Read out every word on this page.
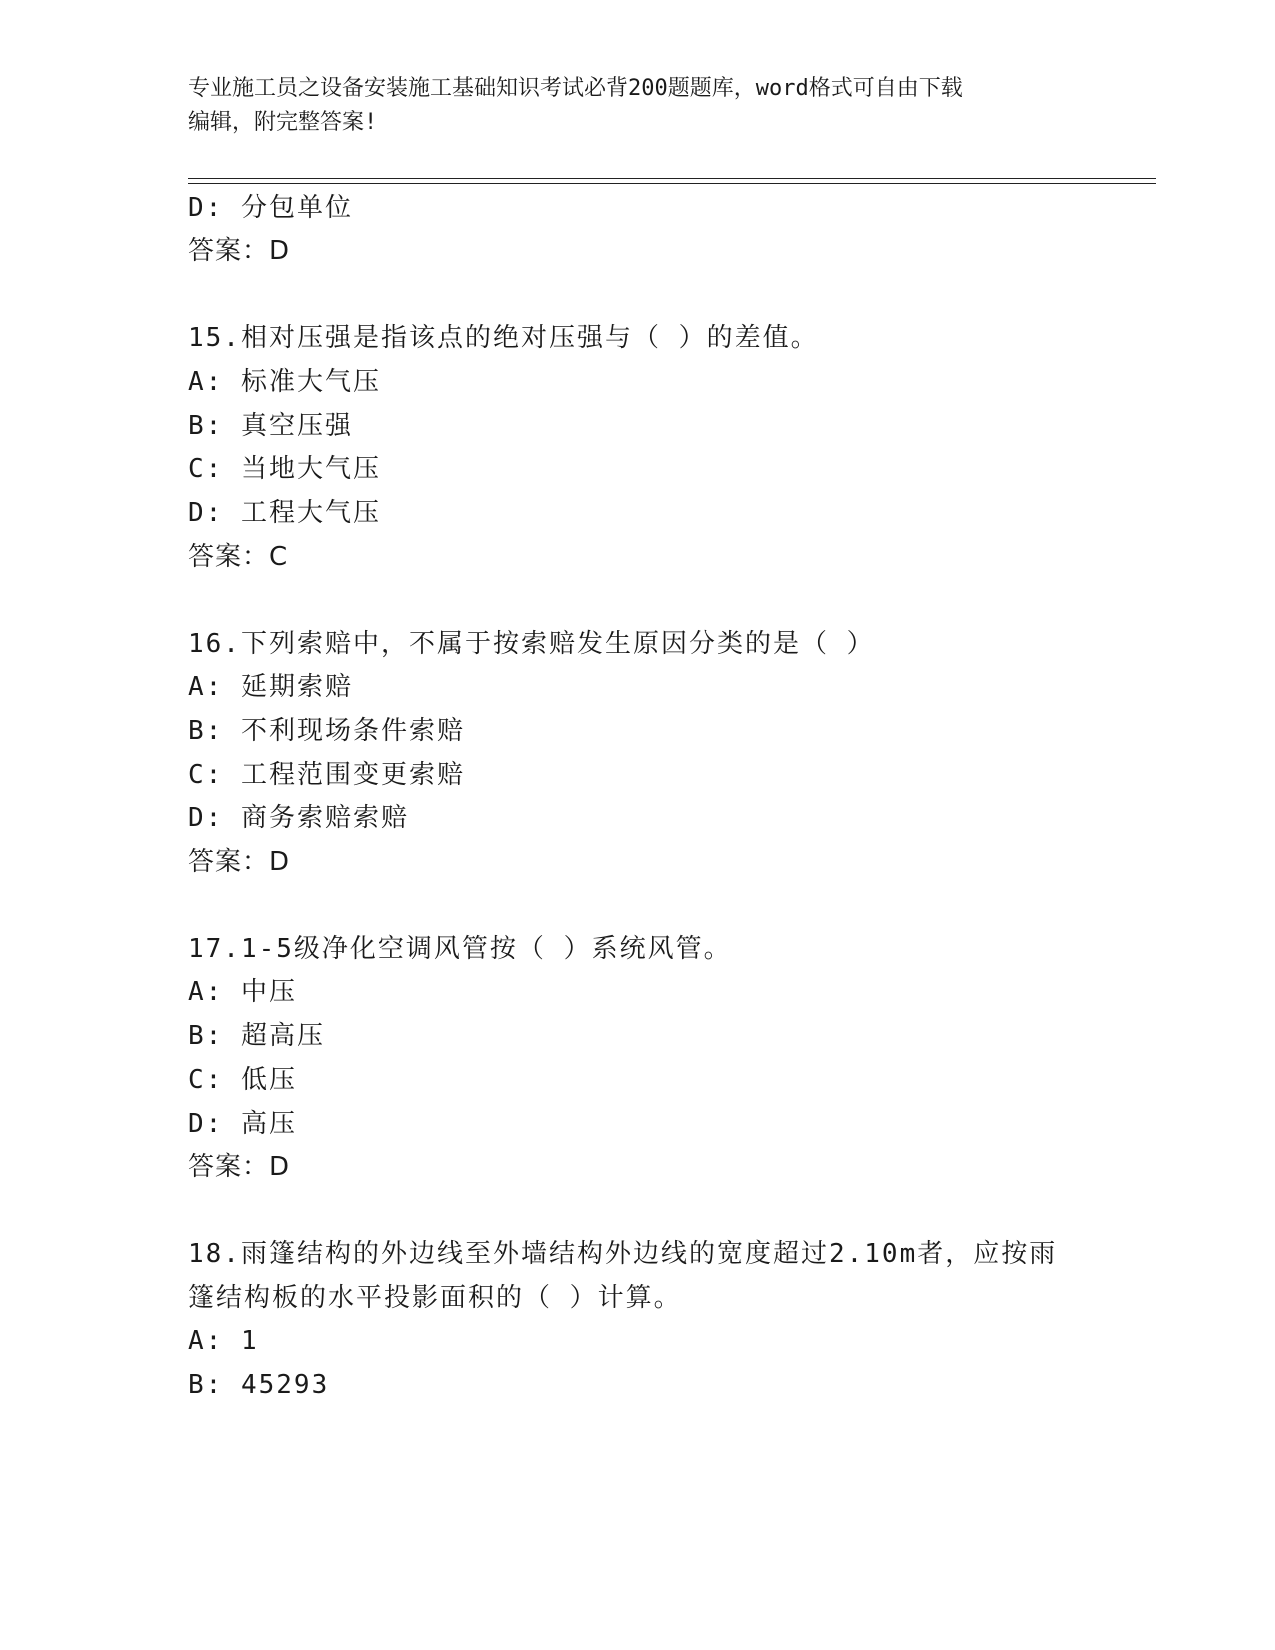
专业施工员之设备安装施工基础知识考试必背200题题库，word格式可自由下载
编辑，附完整答案!
D: 分包单位
答案：D
15.相对压强是指该点的绝对压强与（ ）的差值。
A: 标准大气压
B: 真空压强
C: 当地大气压
D: 工程大气压
答案：C
16.下列索赔中，不属于按索赔发生原因分类的是（ ）
A: 延期索赔
B: 不利现场条件索赔
C: 工程范围变更索赔
D: 商务索赔索赔
答案：D
17.1-5级净化空调风管按（ ）系统风管。
A: 中压
B: 超高压
C: 低压
D: 高压
答案：D
18.雨篷结构的外边线至外墙结构外边线的宽度超过2.10m者，应按雨
篷结构板的水平投影面积的（ ）计算。
A: 1
B: 45293
